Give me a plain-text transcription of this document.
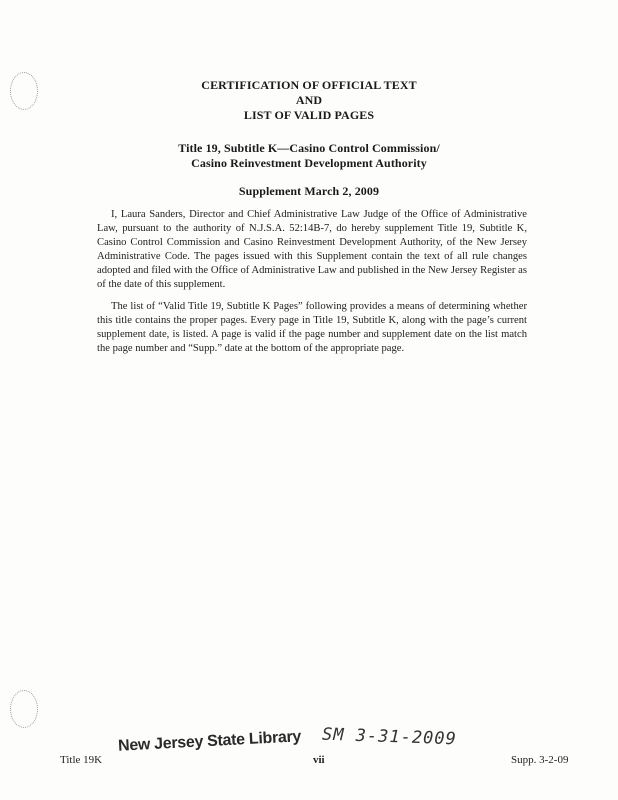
CERTIFICATION OF OFFICIAL TEXT
AND
LIST OF VALID PAGES
Title 19, Subtitle K—Casino Control Commission/
Casino Reinvestment Development Authority
Supplement March 2, 2009

I, Laura Sanders, Director and Chief Administrative Law Judge of the Office of Administrative Law, pursuant to the authority of N.J.S.A. 52:14B-7, do hereby supplement Title 19, Subtitle K, Casino Control Commission and Casino Reinvestment Development Authority, of the New Jersey Administrative Code. The pages issued with this Supplement contain the text of all rule changes adopted and filed with the Office of Administrative Law and published in the New Jersey Register as of the date of this supplement.

The list of “Valid Title 19, Subtitle K Pages” following provides a means of determining whether this title contains the proper pages. Every page in Title 19, Subtitle K, along with the page’s current supplement date, is listed. A page is valid if the page number and supplement date on the list match the page number and “Supp.” date at the bottom of the appropriate page.

Title 19K
New Jersey State Library
vii
SM 3-31-2009
Supp. 3-2-09
